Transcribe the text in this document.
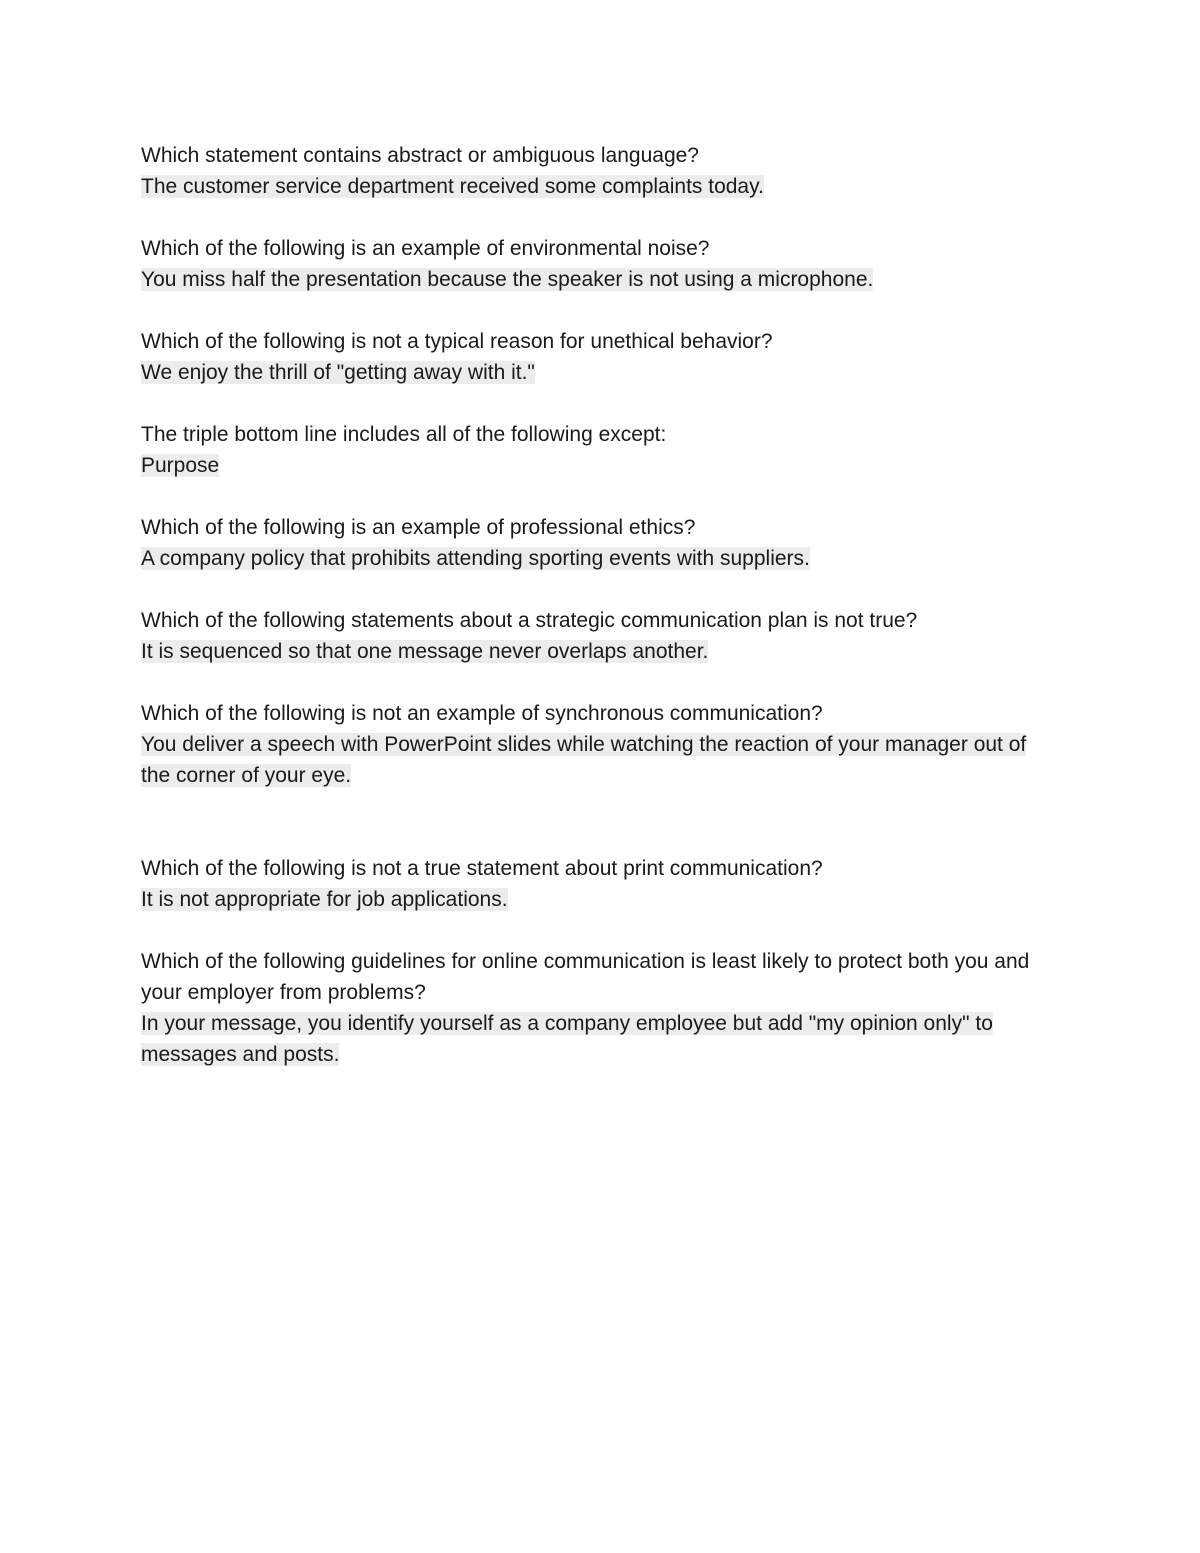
Which statement contains abstract or ambiguous language?
The customer service department received some complaints today.
Which of the following is an example of environmental noise?
You miss half the presentation because the speaker is not using a microphone.
Which of the following is not a typical reason for unethical behavior?
We enjoy the thrill of "getting away with it."
The triple bottom line includes all of the following except:
Purpose
Which of the following is an example of professional ethics?
A company policy that prohibits attending sporting events with suppliers.
Which of the following statements about a strategic communication plan is not true?
It is sequenced so that one message never overlaps another.
Which of the following is not an example of synchronous communication?
You deliver a speech with PowerPoint slides while watching the reaction of your manager out of the corner of your eye.
Which of the following is not a true statement about print communication?
It is not appropriate for job applications.
Which of the following guidelines for online communication is least likely to protect both you and your employer from problems?
In your message, you identify yourself as a company employee but add "my opinion only" to messages and posts.
